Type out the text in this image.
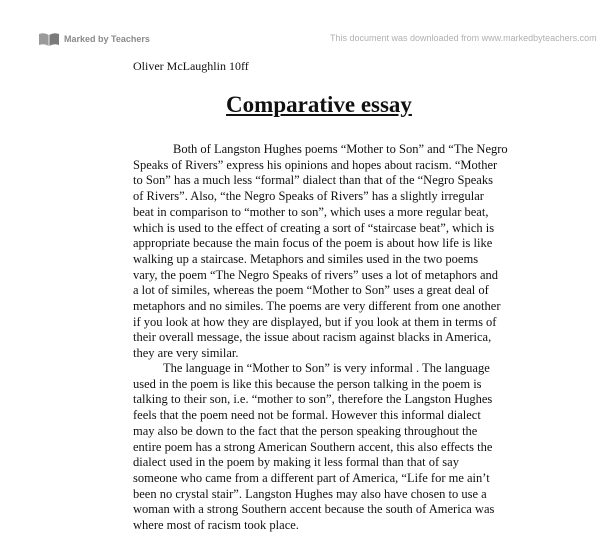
Marked by Teachers	This document was downloaded from www.markedbyteachers.com
Oliver McLaughlin 10ff
Comparative essay

Both of Langston Hughes poems “Mother to Son” and “The Negro
Speaks of Rivers” express his opinions and hopes about racism. “Mother
to Son” has a much less “formal” dialect than that of the “Negro Speaks
of Rivers”. Also, “the Negro Speaks of Rivers” has a slightly irregular
beat in comparison to “mother to son”, which uses a more regular beat,
which is used to the effect of creating a sort of “staircase beat”, which is
appropriate because the main focus of the poem is about how life is like
walking up a staircase. Metaphors and similes used in the two poems
vary, the poem “The Negro Speaks of rivers” uses a lot of metaphors and
a lot of similes, whereas the poem “Mother to Son” uses a great deal of
metaphors and no similes. The poems are very different from one another
if you look at how they are displayed, but if you look at them in terms of
their overall message, the issue about racism against blacks in America,
they are very similar.

The language in “Mother to Son” is very informal . The language
used in the poem is like this because the person talking in the poem is
talking to their son, i.e. “mother to son”, therefore the Langston Hughes
feels that the poem need not be formal. However this informal dialect
may also be down to the fact that the person speaking throughout the
entire poem has a strong American Southern accent, this also effects the
dialect used in the poem by making it less formal than that of say
someone who came from a different part of America, “Life for me ain’t
been no crystal stair”. Langston Hughes may also have chosen to use a
woman with a strong Southern accent because the south of America was
where most of racism took place.
